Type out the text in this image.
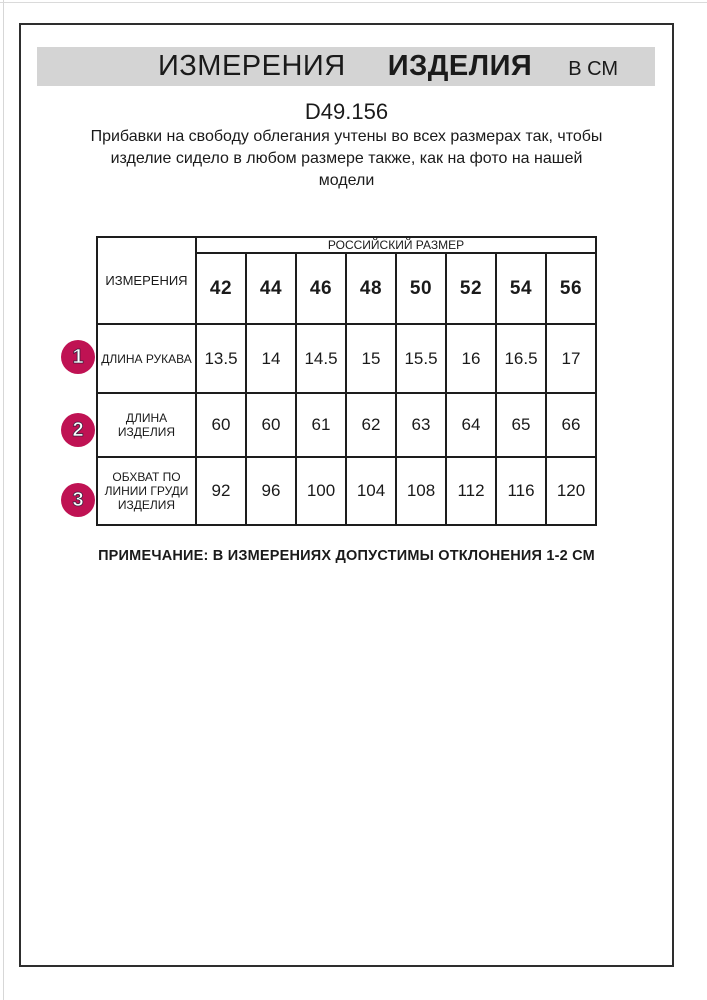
ИЗМЕРЕНИЯ ИЗДЕЛИЯ В СМ
D49.156
Прибавки на свободу облегания учтены во всех размерах так, чтобы
изделие сидело в любом размере также, как на фото на нашей
модели
ИЗМЕРЕНИЯ	РОССИЙСКИЙ РАЗМЕР							
	42	44	46	48	50	52	54	56

ДЛИНА РУКАВА	13.5	14	14.5	15	15.5	16	16.5	17

ДЛИНА
ИЗДЕЛИЯ	60	60	61	62	63	64	65	66

ОБХВАТ ПО
ЛИНИИ ГРУДИ
ИЗДЕЛИЯ	92	96	100	104	108	112	116	120
1
2
3
ПРИМЕЧАНИЕ: В ИЗМЕРЕНИЯХ ДОПУСТИМЫ ОТКЛОНЕНИЯ 1-2 СМ
